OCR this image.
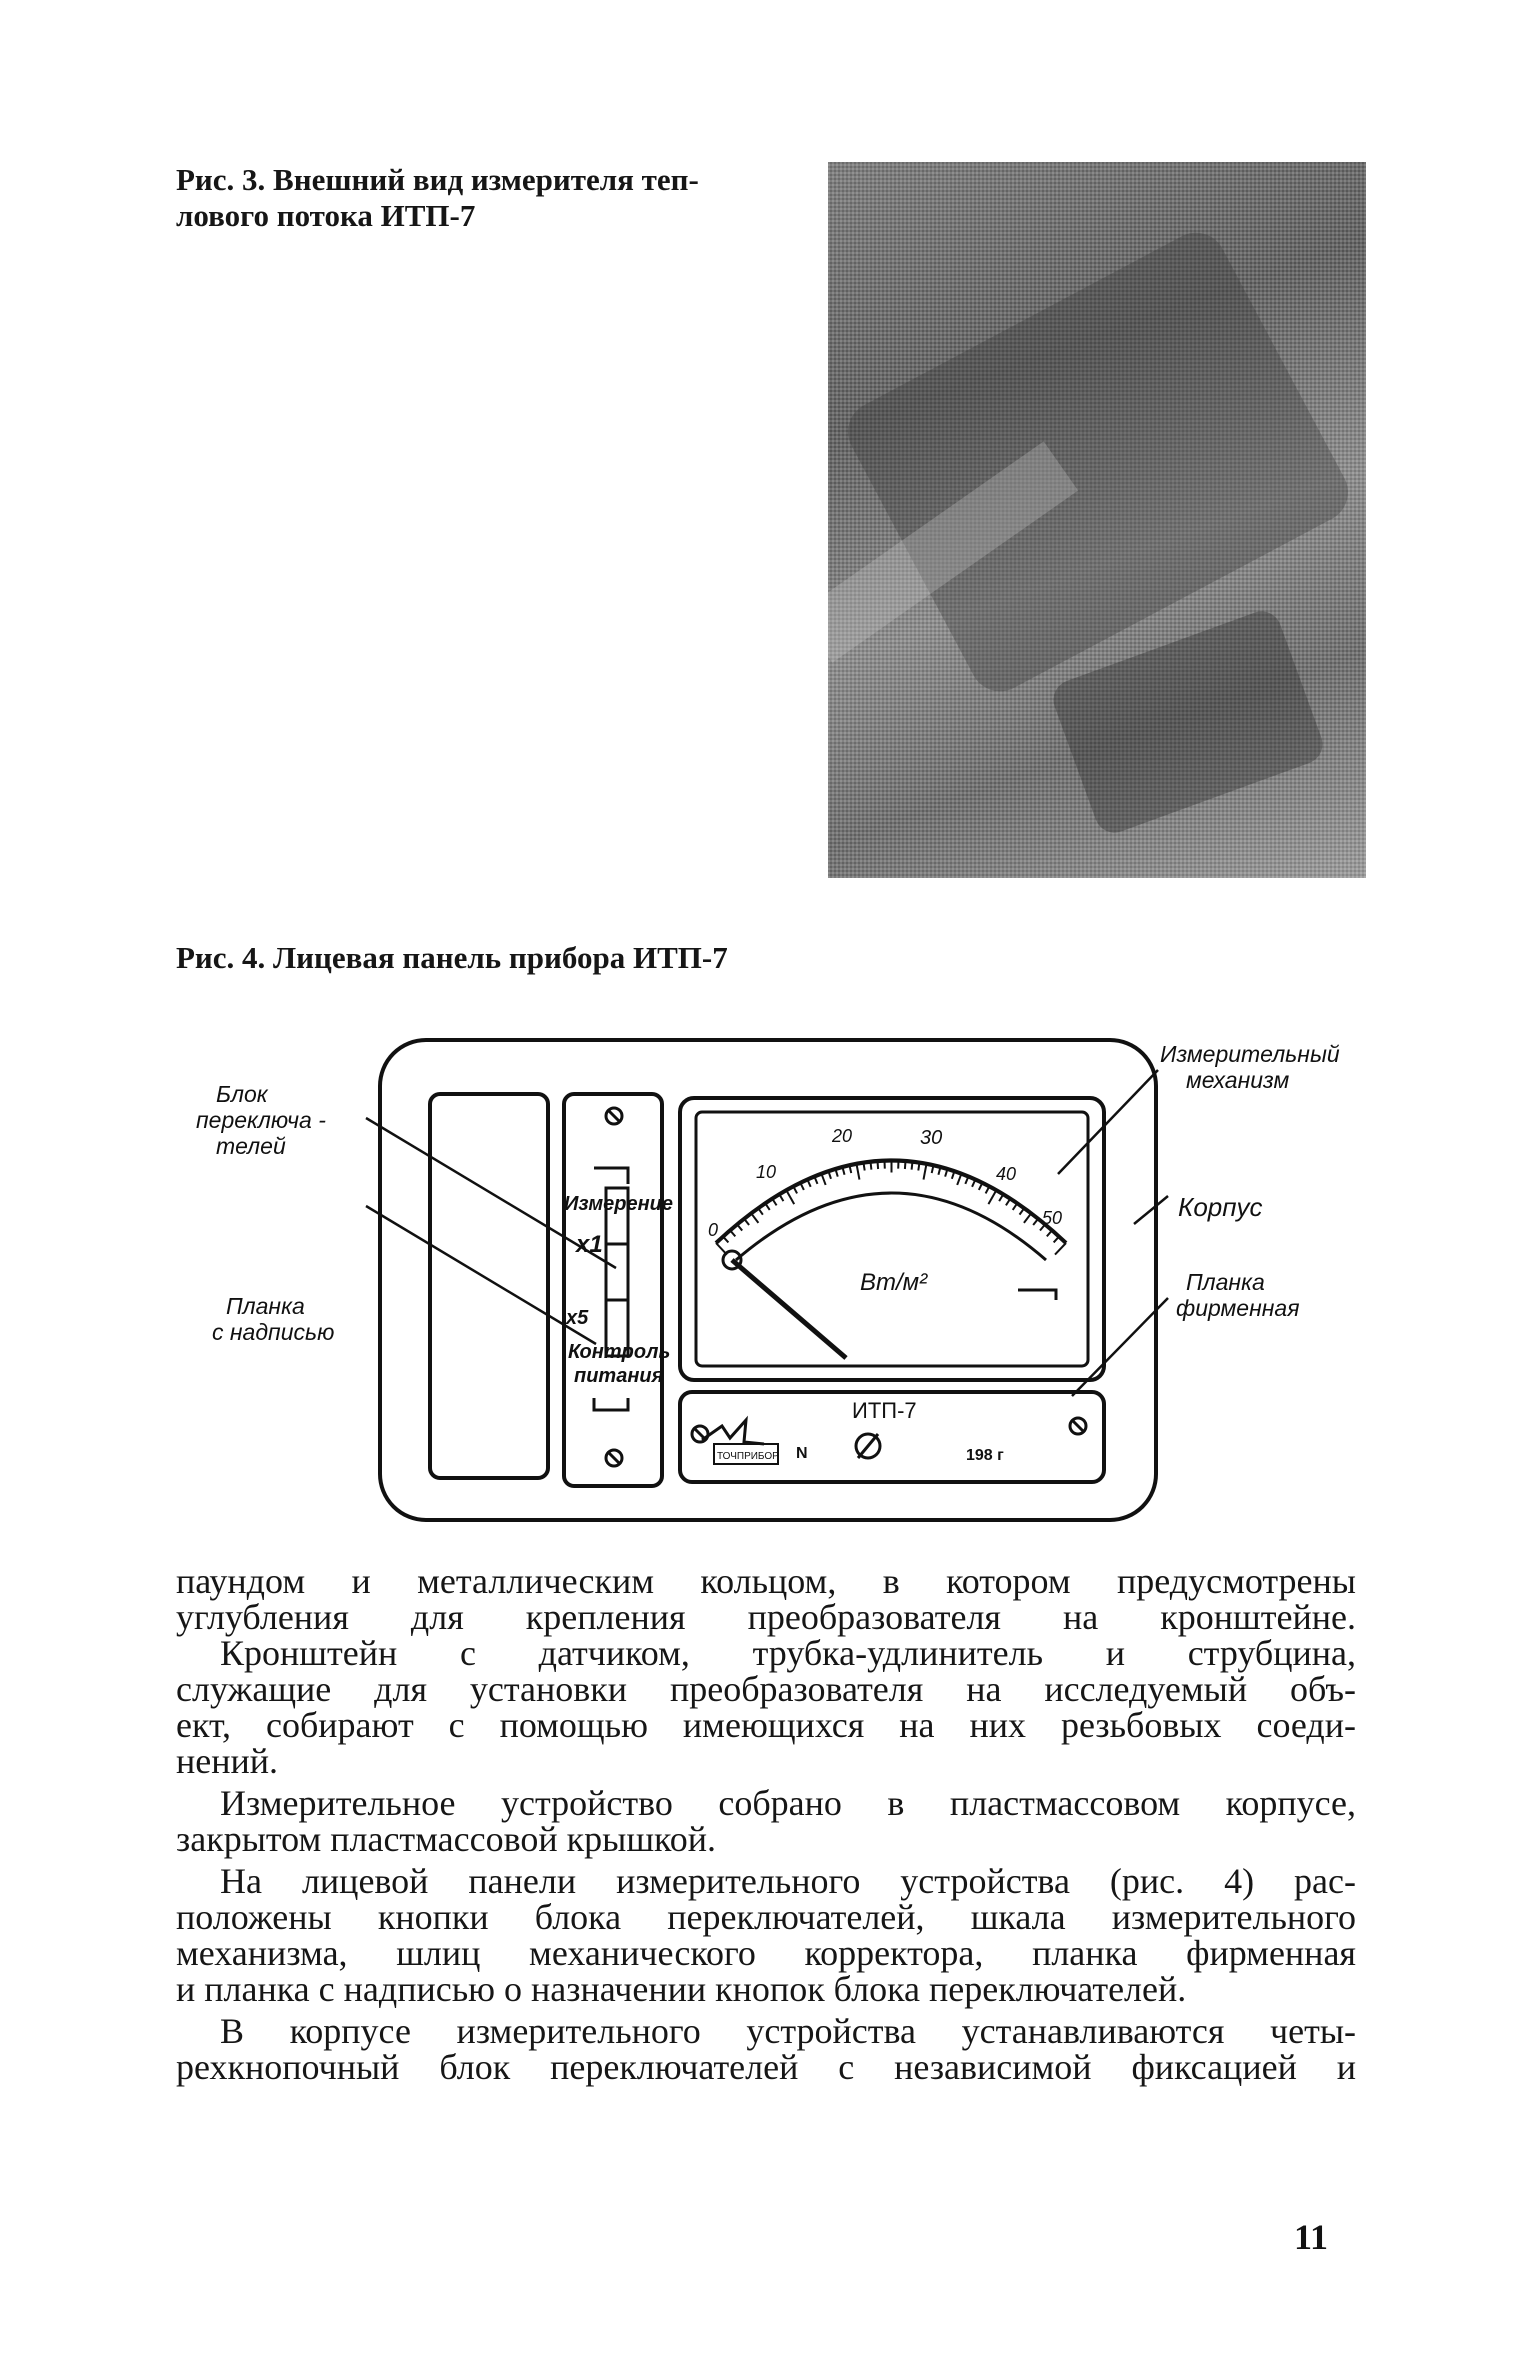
Рис. 3. Внешний вид измерителя теп-
лового потока ИТП-7
Рис. 4. Лицевая панель прибора ИТП-7
Измерение
х1
х5
Контроль
питания
0
10
20	30
40
50
Вт/м²
ТОЧПРИБОР
ИТП-7
N	198 г
Блок
переключа -
телей
Планка
с надписью
Измерительный
механизм
Корпус
Планка
фирменная

паундом и металлическим кольцом, в котором предусмотрены

углубления для крепления преобразователя на кронштейне.

Кронштейн с датчиком, трубка-удлинитель и струбцина,

служащие для установки преобразователя на исследуемый объ-

ект, собирают с помощью имеющихся на них резьбовых соеди-

нений.

Измерительное устройство собрано в пластмассовом корпусе,

закрытом пластмассовой крышкой.

На лицевой панели измерительного устройства (рис. 4) рас-

положены кнопки блока переключателей, шкала измерительного

механизма, шлиц механического корректора, планка фирменная

и планка с надписью о назначении кнопок блока переключателей.

В корпусе измерительного устройства устанавливаются четы-

рехкнопочный блок переключателей с независимой фиксацией и

11
